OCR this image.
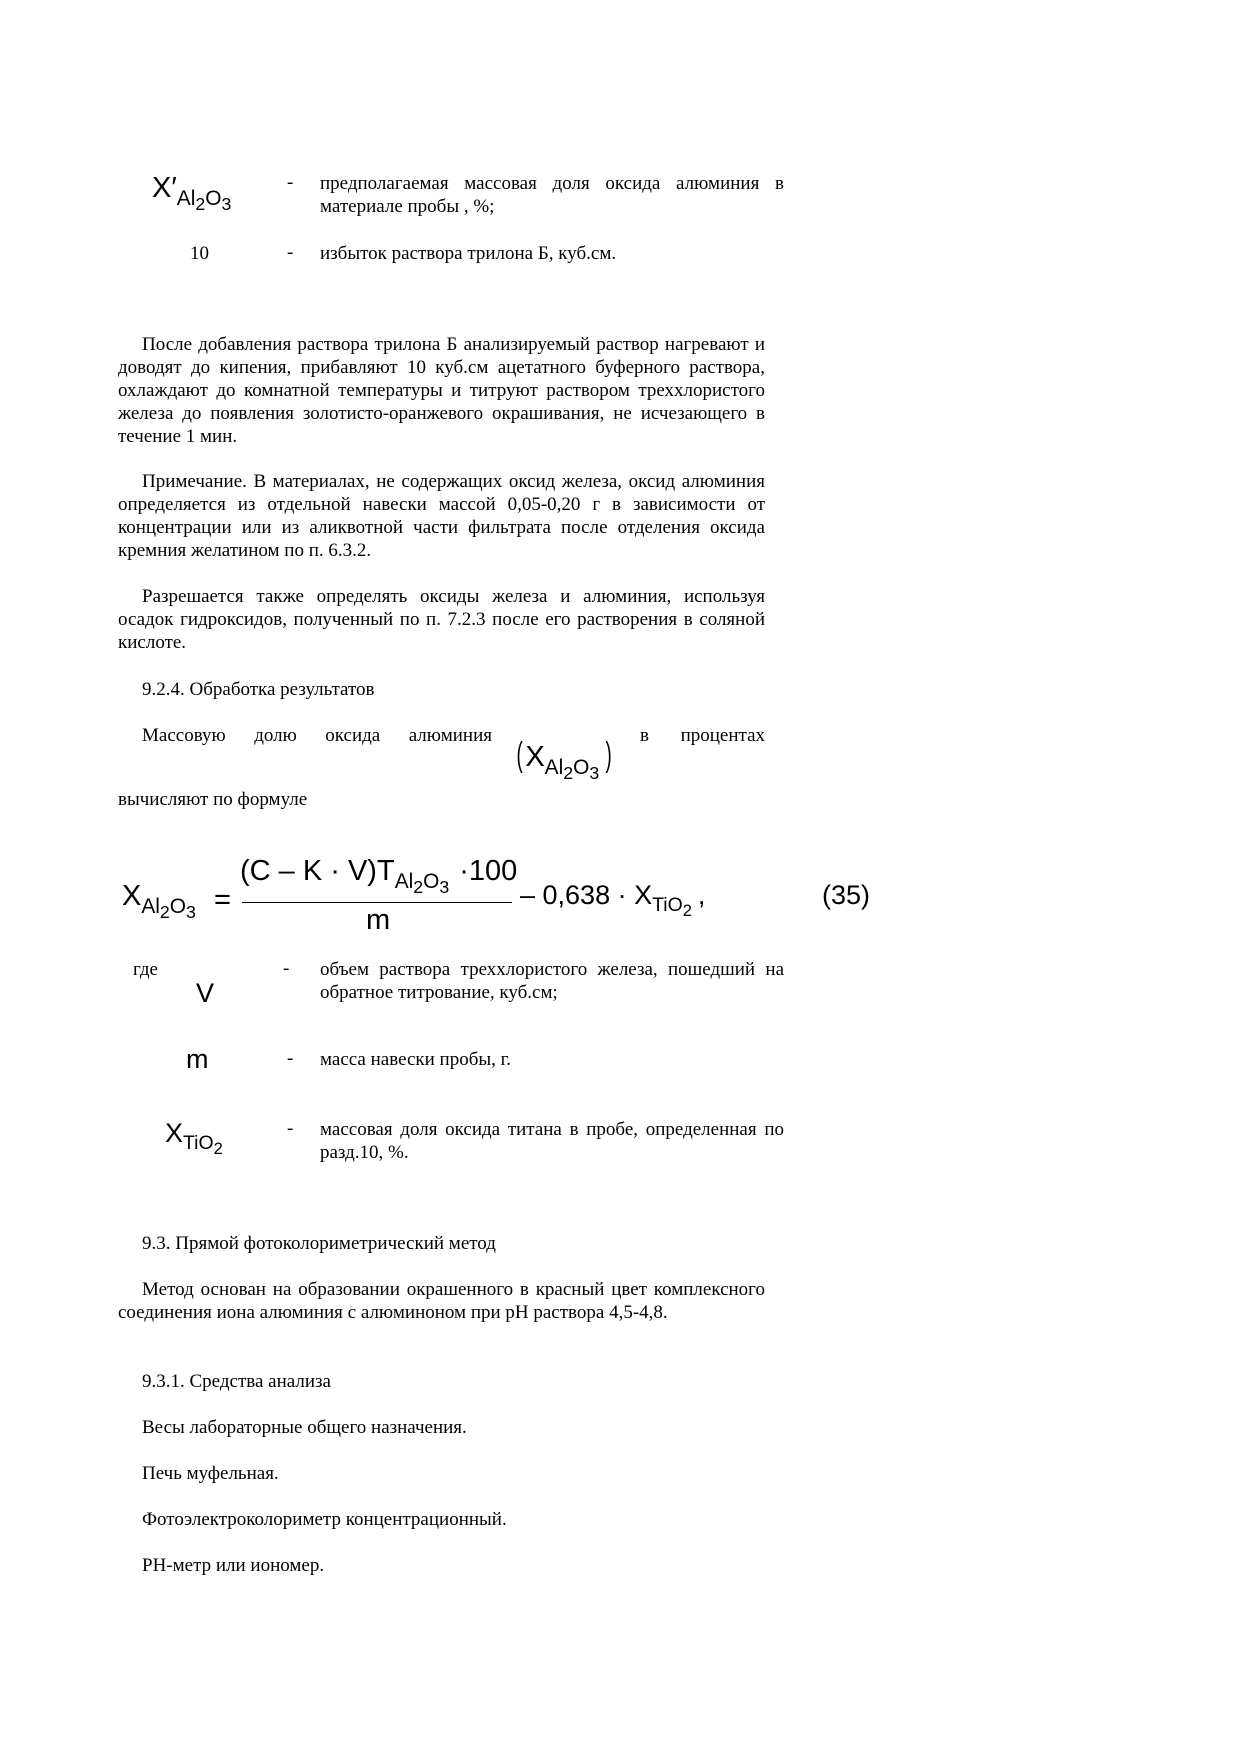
$X'_{Al2O3}$
- предполагаемая массовая доля оксида алюминия в материале пробы , %;
10	- избыток раствора трилона Б, куб.см.
После добавления раствора трилона Б анализируемый раствор нагревают и доводят до кипения, прибавляют 10 куб.см ацетатного буферного раствора, охлаждают до комнатной температуры и титруют раствором треххлористого железа до появления золотисто-оранжевого окрашивания, не исчезающего в течение 1 мин.
Примечание. В материалах, не содержащих оксид железа, оксид алюминия определяется из отдельной навески массой 0,05-0,20 г в зависимости от концентрации или из аликвотной части фильтрата после отделения оксида кремния желатином по п. 6.3.2.
Разрешается также определять оксиды железа и алюминия, используя осадок гидроксидов, полученный по п. 7.2.3 после его растворения в соляной кислоте.
9.2.4. Обработка результатов
Массовую долю оксида алюминия
($X_{Al2O3}$ )
в процентах
вычисляют по формуле
$X_{Al2O3}$ =
$(C - K \cdot V)T_{Al2O3} \cdot 100$
m
– $0,638 \cdot X_{TiO_2}$,	(35)
где
V
- объем раствора треххлористого железа, пошедший на обратное титрование, куб.см;
m	- масса навески пробы, г.
$X_{TiO_2}$
- массовая доля оксида титана в пробе, определенная по разд.10, %.
9.3. Прямой фотоколориметрический метод
Метод основан на образовании окрашенного в красный цвет комплексного соединения иона алюминия с алюминоном при pH раствора 4,5-4,8.
9.3.1. Средства анализа
Весы лабораторные общего назначения.
Печь муфельная.
Фотоэлектроколориметр концентрационный.
PH-метр или иономер.
